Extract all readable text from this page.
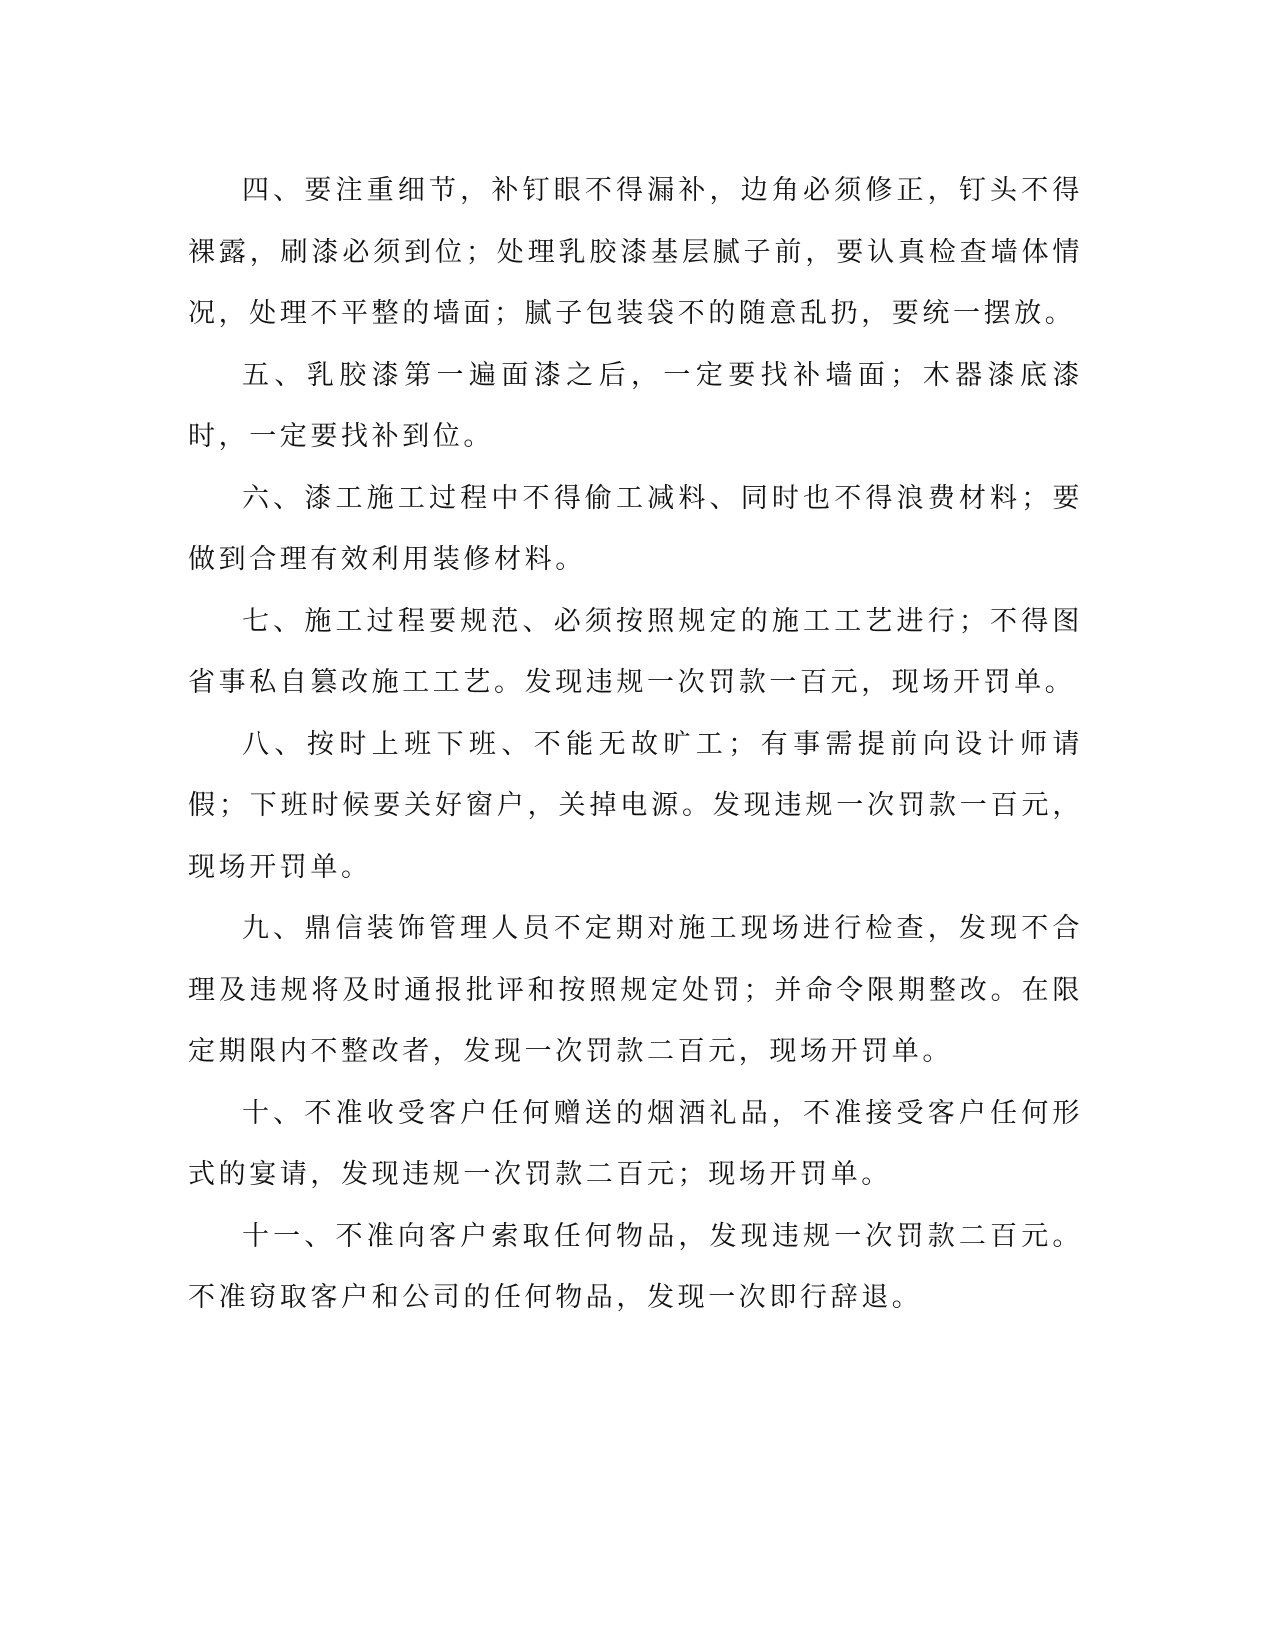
四、要注重细节，补钉眼不得漏补，边角必须修正，钉头不得裸露，刷漆必须到位；处理乳胶漆基层腻子前，要认真检查墙体情况，处理不平整的墙面；腻子包装袋不的随意乱扔，要统一摆放。

五、乳胶漆第一遍面漆之后，一定要找补墙面；木器漆底漆时，一定要找补到位。

六、漆工施工过程中不得偷工减料、同时也不得浪费材料；要做到合理有效利用装修材料。

七、施工过程要规范、必须按照规定的施工工艺进行；不得图省事私自篡改施工工艺。发现违规一次罚款一百元，现场开罚单。

八、按时上班下班、不能无故旷工；有事需提前向设计师请假；下班时候要关好窗户，关掉电源。发现违规一次罚款一百元，现场开罚单。

九、鼎信装饰管理人员不定期对施工现场进行检查，发现不合理及违规将及时通报批评和按照规定处罚；并命令限期整改。在限定期限内不整改者，发现一次罚款二百元，现场开罚单。

十、不准收受客户任何赠送的烟酒礼品，不准接受客户任何形式的宴请，发现违规一次罚款二百元；现场开罚单。

十一、不准向客户索取任何物品，发现违规一次罚款二百元。不准窃取客户和公司的任何物品，发现一次即行辞退。
